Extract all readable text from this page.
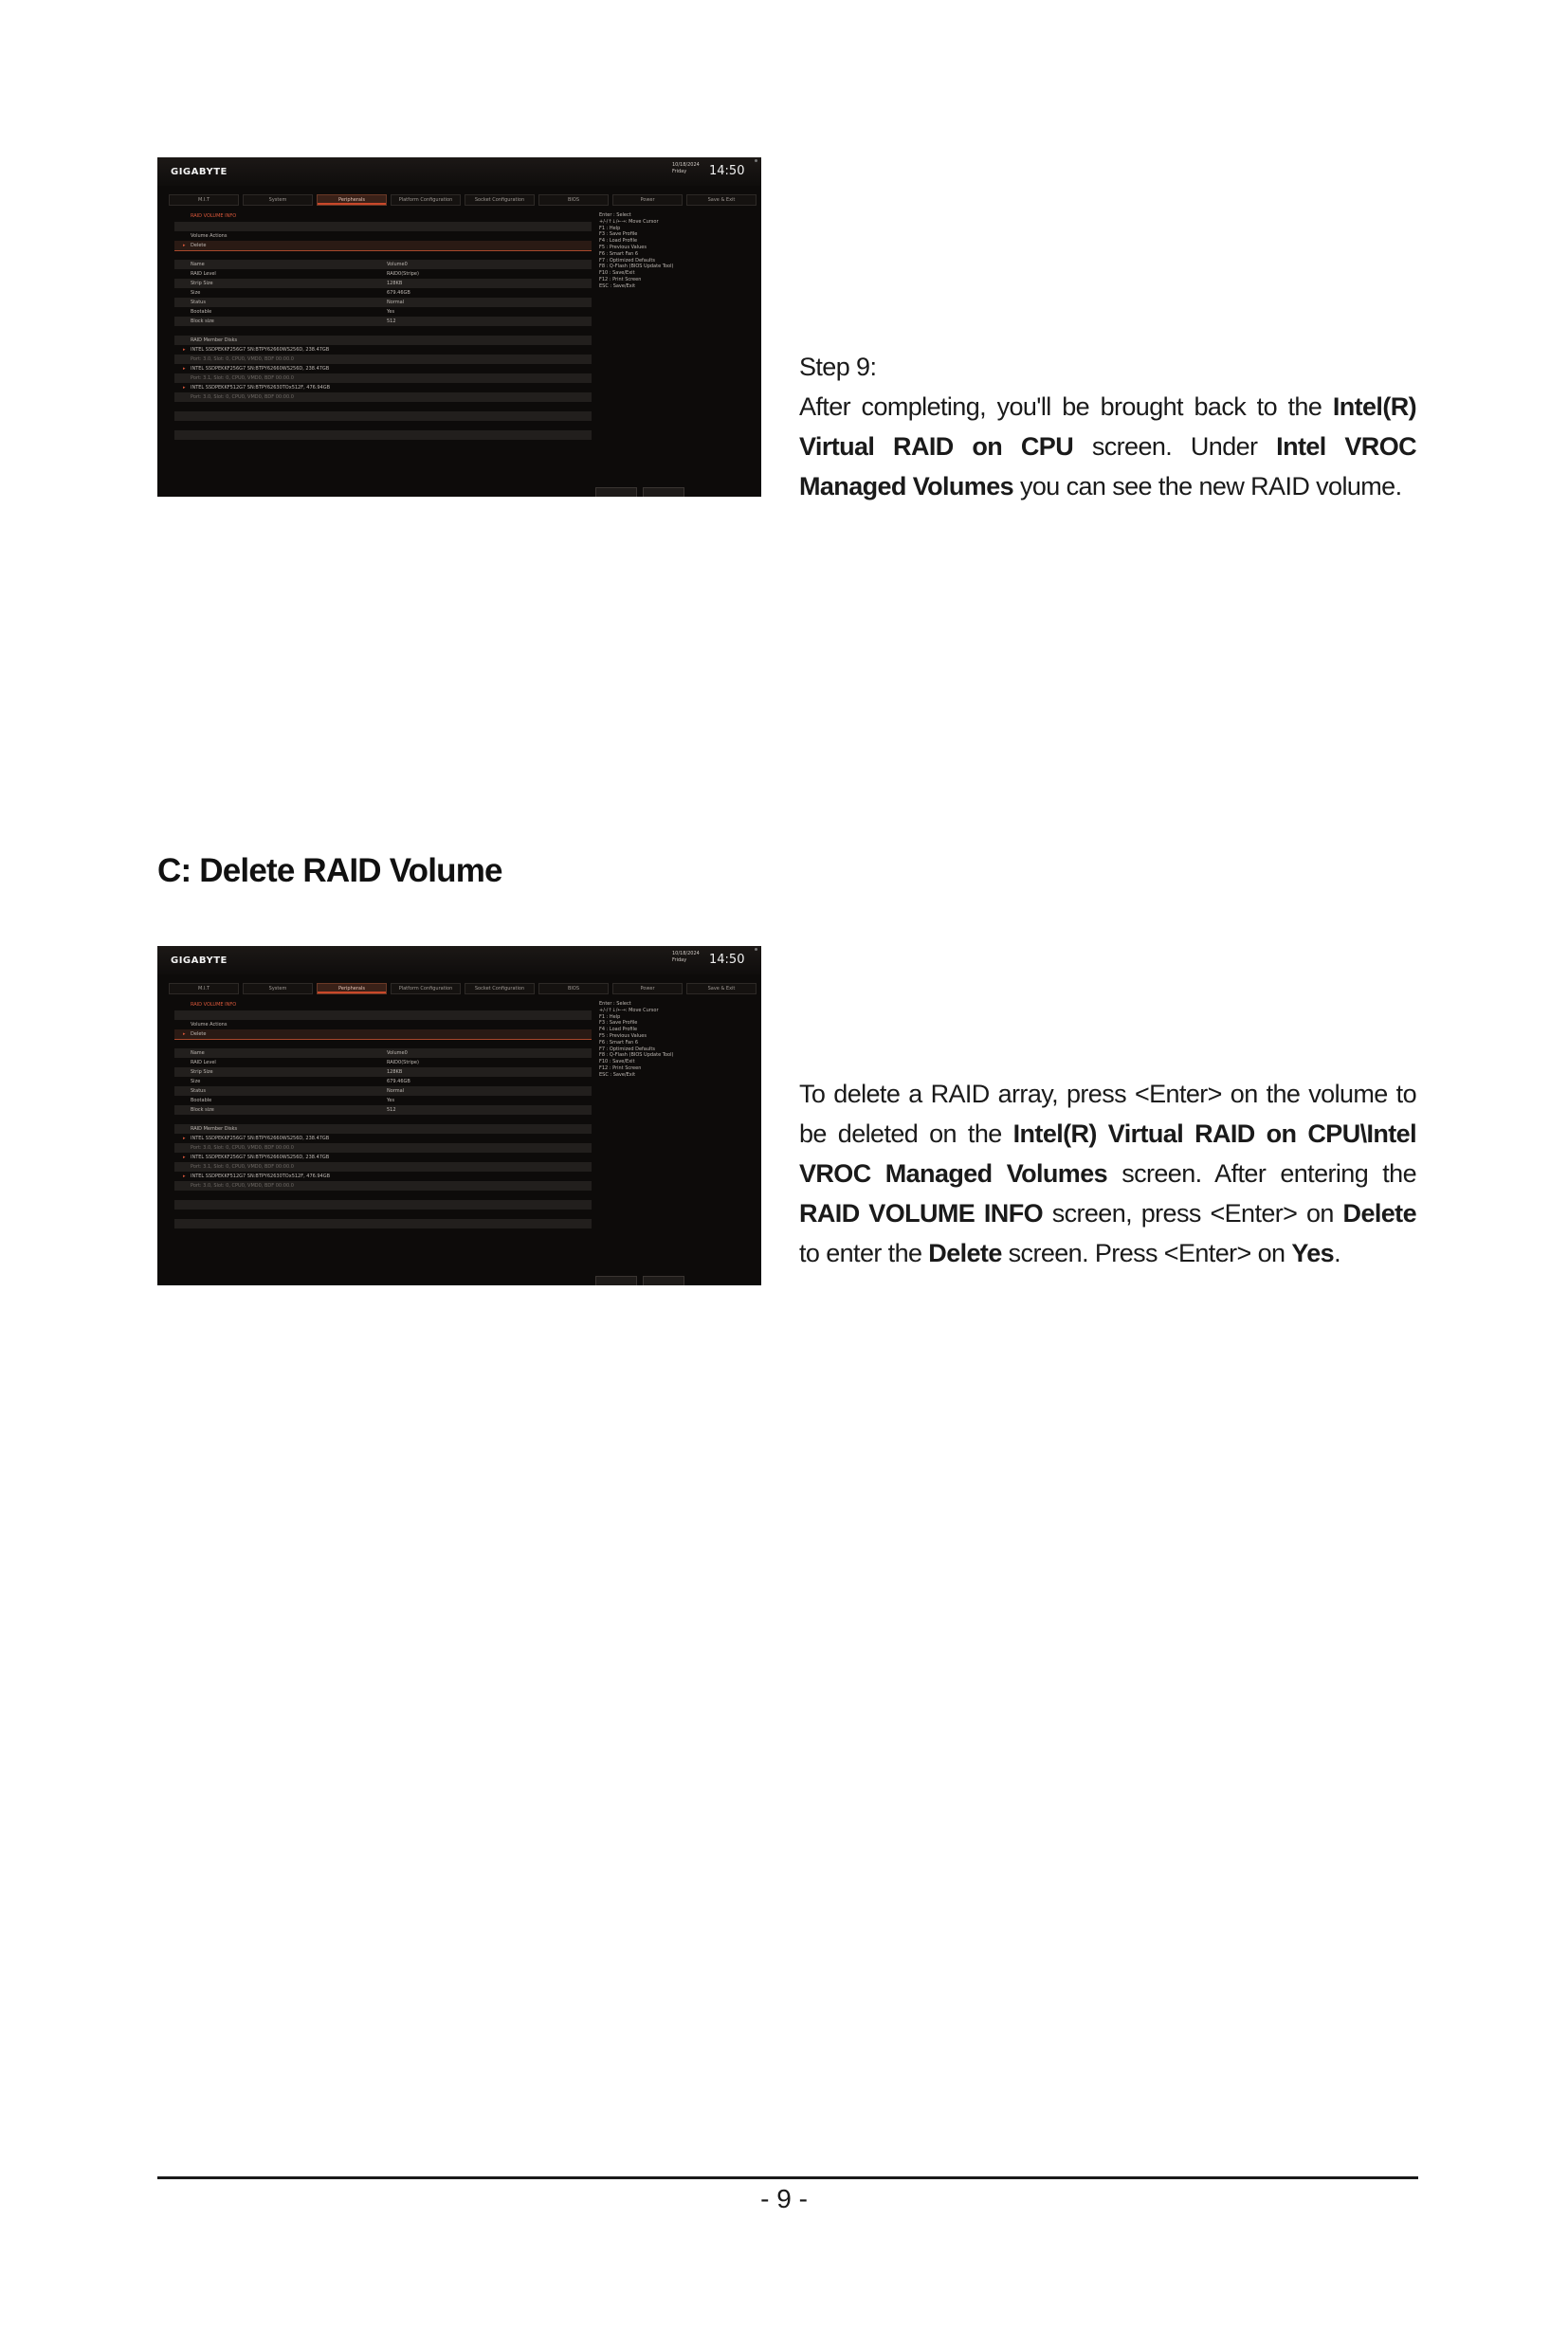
GIGABYTE
10/18/2024
Friday	14:50
M.I.T	System	Peripherals	Platform Configuration	Socket Configuration	BIOS	Power	Save & Exit
RAID VOLUME INFO
Volume Actions
▸ Delete
Name	Volume0
RAID Level	RAID0(Stripe)
Strip Size	128KB
Size	679.46GB
Status	Normal
Bootable	Yes
Block size	512
RAID Member Disks
▸ INTEL SSDPEKKF256G7 SN:BTPY62660WS256D, 238.47GB
Port: 3.0, Slot: 0, CPU0, VMD0, BDF 00:00.0
▸ INTEL SSDPEKKF256G7 SN:BTPY62660WS256D, 238.47GB
Port: 3.1, Slot: 0, CPU0, VMD0, BDF 00:00.0
▸ INTEL SSDPEKKF512G7 SN:BTPY62630TOx512F, 476.94GB
Port: 3.0, Slot: 0, CPU0, VMD0, BDF 00:00.0
Enter : Select
+/-/↑↓/←→: Move Cursor
F1 : Help
F3 : Save Profile
F4 : Load Profile
F5 : Previous Values
F6 : Smart Fan 6
F7 : Optimized Defaults
F8 : Q-Flash (BIOS Update Tool)
F10 : Save/Exit
F12 : Print Screen
ESC : Save/Exit
Step 9:
After completing, you'll be brought back to the Intel(R) Virtual RAID on CPU screen. Under Intel VROC Managed Volumes you can see the new RAID volume.
C: Delete RAID Volume
GIGABYTE
10/18/2024
Friday	14:50
M.I.T	System	Peripherals	Platform Configuration	Socket Configuration	BIOS	Power	Save & Exit
RAID VOLUME INFO
Volume Actions
▸ Delete
Name	Volume0
RAID Level	RAID0(Stripe)
Strip Size	128KB
Size	679.46GB
Status	Normal
Bootable	Yes
Block size	512
RAID Member Disks
▸ INTEL SSDPEKKF256G7 SN:BTPY62660WS256D, 238.47GB
Port: 3.0, Slot: 0, CPU0, VMD0, BDF 00:00.0
▸ INTEL SSDPEKKF256G7 SN:BTPY62660WS256D, 238.47GB
Port: 3.1, Slot: 0, CPU0, VMD0, BDF 00:00.0
▸ INTEL SSDPEKKF512G7 SN:BTPY62630TOx512F, 476.94GB
Port: 3.0, Slot: 0, CPU0, VMD0, BDF 00:00.0
Enter : Select
+/-/↑↓/←→: Move Cursor
F1 : Help
F3 : Save Profile
F4 : Load Profile
F5 : Previous Values
F6 : Smart Fan 6
F7 : Optimized Defaults
F8 : Q-Flash (BIOS Update Tool)
F10 : Save/Exit
F12 : Print Screen
ESC : Save/Exit
To delete a RAID array, press <Enter> on the volume to be deleted on the Intel(R) Virtual RAID on CPU\Intel VROC Managed Volumes screen. After entering the RAID VOLUME INFO screen, press <Enter> on Delete to enter the Delete screen. Press <Enter> on Yes.
- 9 -
